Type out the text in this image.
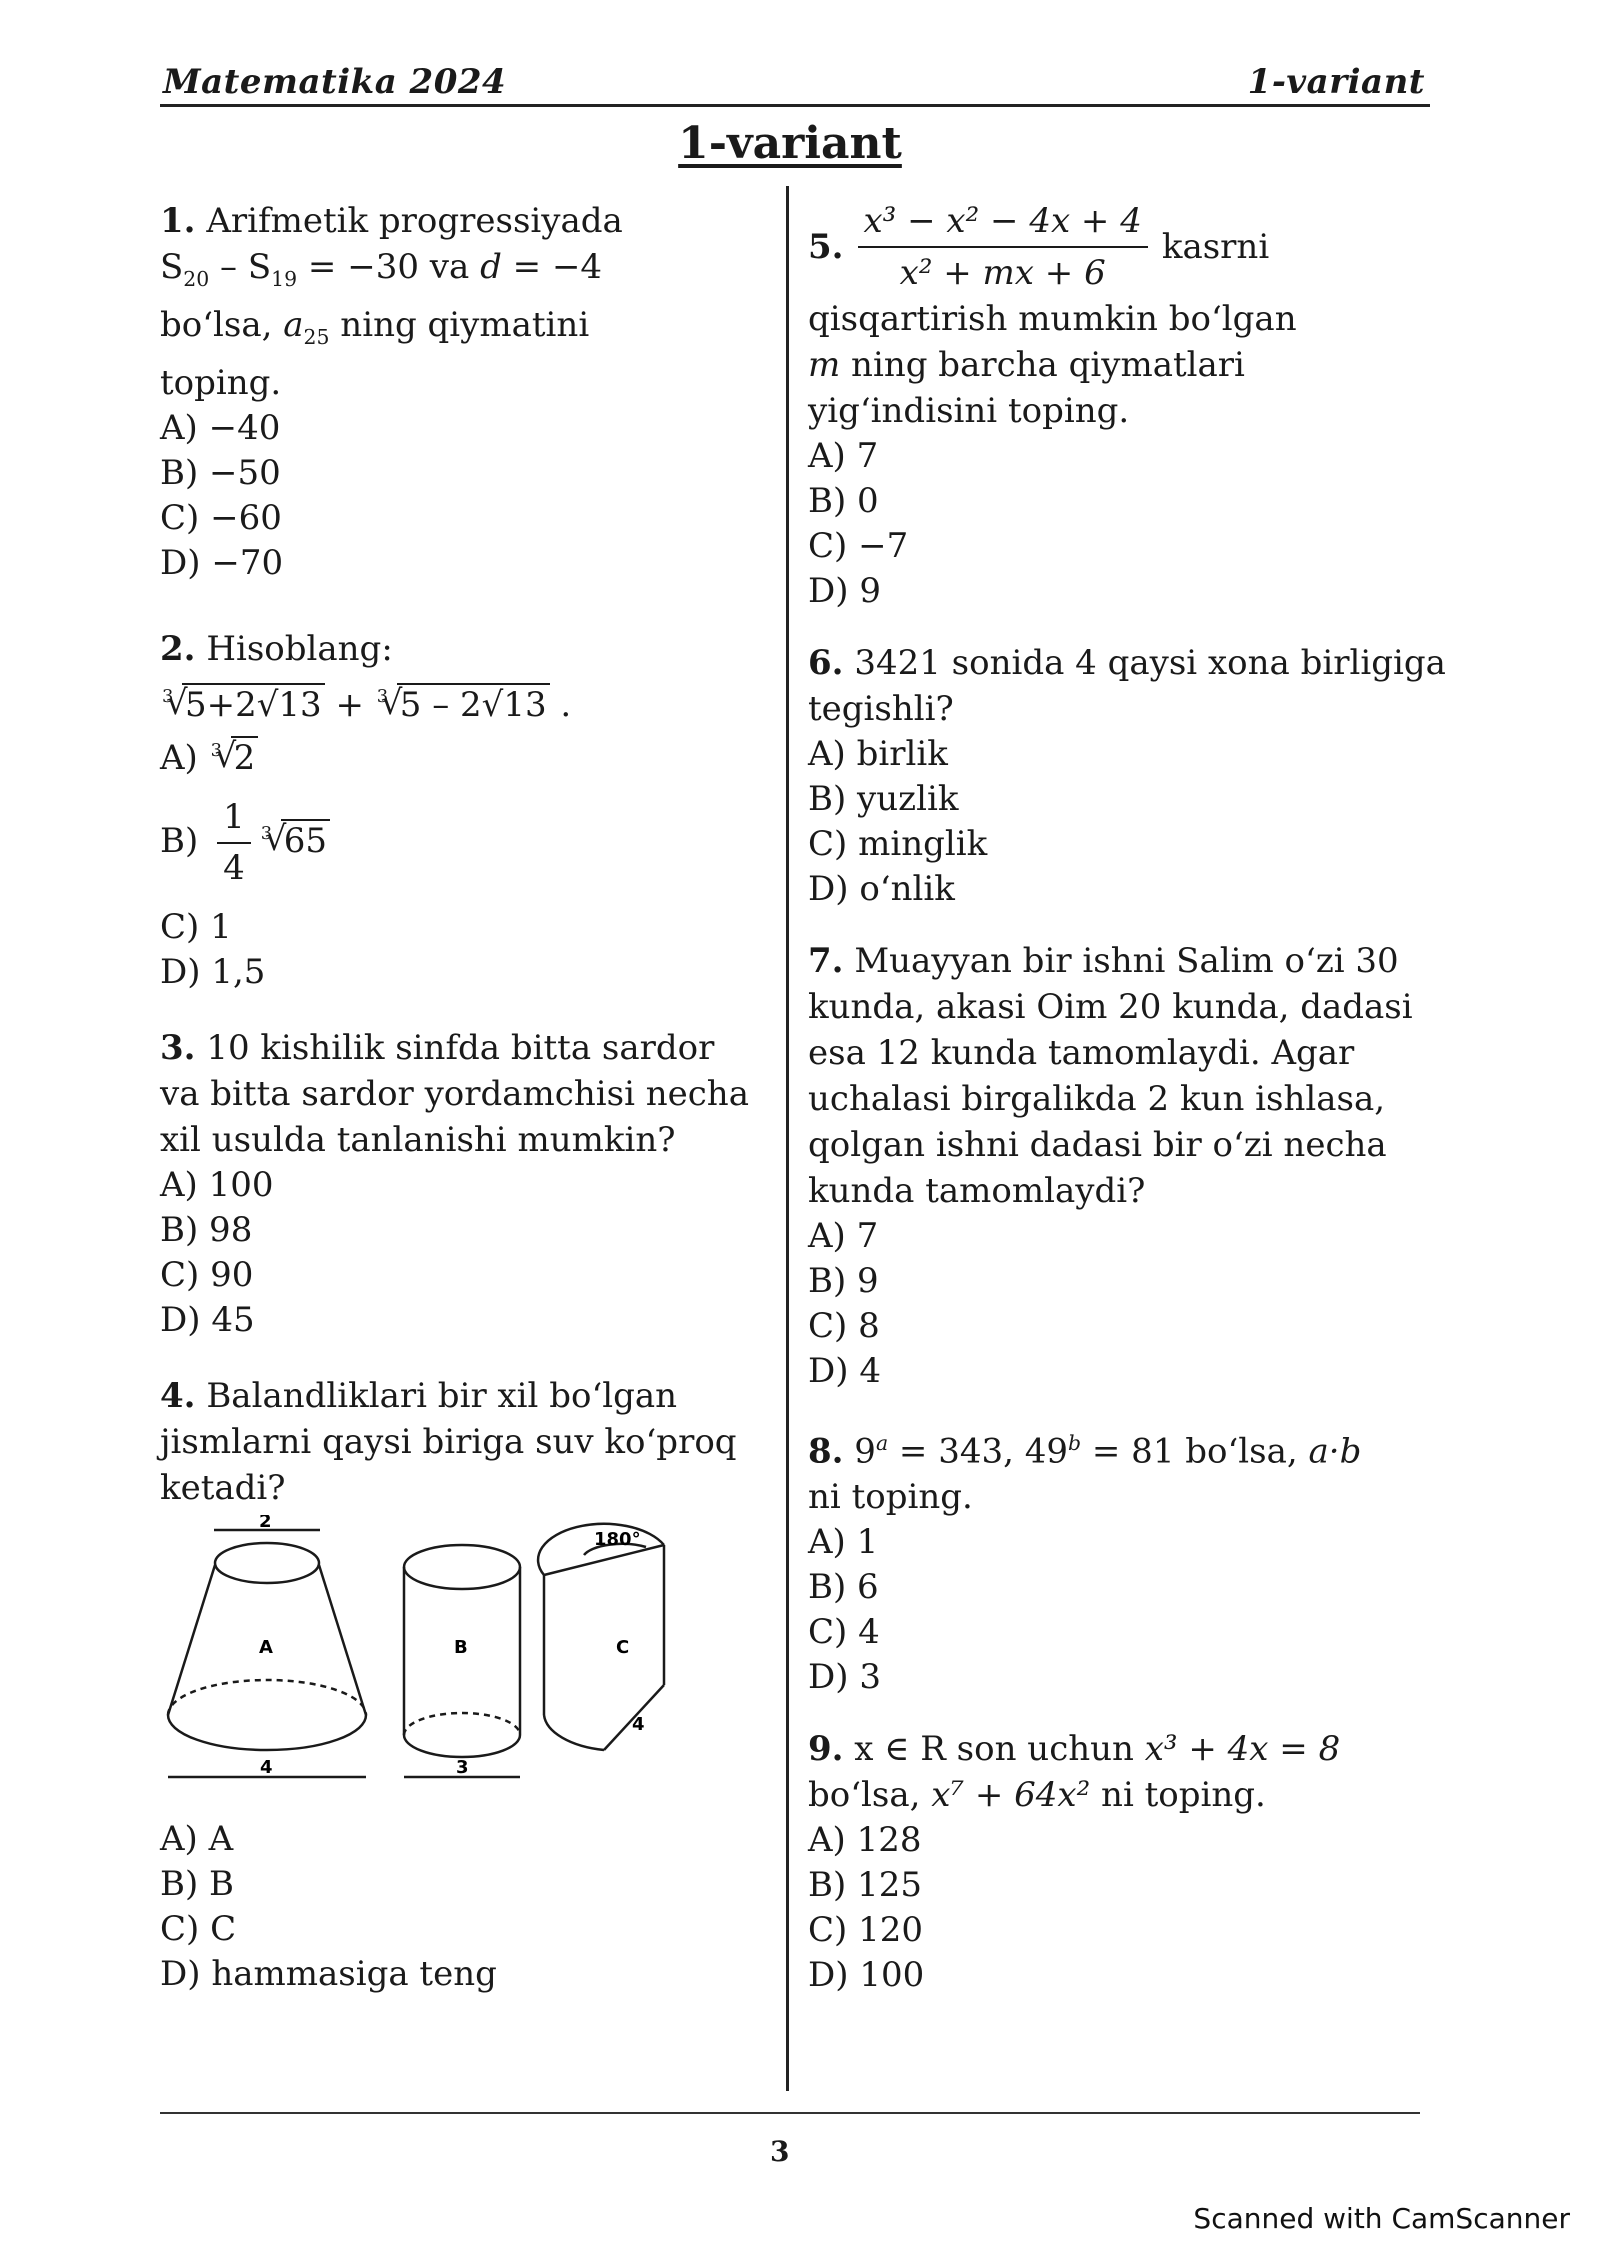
Matematika 2024	1-variant
1-variant
1. Arifmetik progressiyada
$S_{20} - S_{19} = -30$ va d = −4
bo‘lsa, $a_{25}$ ning qiymatini
toping.
A) −40
B) −50
C) −60
D) −70
2. Hisoblang:
√ 3 5+2√13 + √ 3 5 – 2√13 .
A) √ 3 2
$B) \frac{1}{4}$ √ 3 65
C) 1
D) 1,5
3. 10 kishilik sinfda bitta sardor va bitta sardor yordamchisi necha xil usulda tanlanishi mumkin?
A) 100
B) 98
C) 90
D) 45
4. Balandliklari bir xil bo‘lgan jismlarni qaysi biriga suv ko‘proq ketadi?
2
A
4
B
3
180°
C
4
A) A
B) B
C) C
D) hammasiga teng
5. $\frac{\text{x³ − x² − 4x + 4}}{\text{x² + mx + 6}}$ kasrni
qisqartirish mumkin bo‘lgan
m ning barcha qiymatlari
yig‘indisini toping.
A) 7
B) 0
C) −7
D) 9
6. 3421 sonida 4 qaysi xona birligiga tegishli?
A) birlik
B) yuzlik
C) minglik
D) o‘nlik
7. Muayyan bir ishni Salim o‘zi 30 kunda, akasi Oim 20 kunda, dadasi esa 12 kunda tamomlaydi. Agar uchalasi birgalikda 2 kun ishlasa, qolgan ishni dadasi bir o‘zi necha kunda tamomlaydi?
A) 7
B) 9
C) 8
D) 4
8. $9^a = 343$, $49^b = 81$ bo‘lsa, a·b
ni toping.
A) 1
B) 6
C) 4
D) 3
9. x ∈ R son uchun x³ + 4x = 8
bo‘lsa, x⁷ + 64x² ni toping.
A) 128
B) 125
C) 120
D) 100
3
Scanned with CamScanner
